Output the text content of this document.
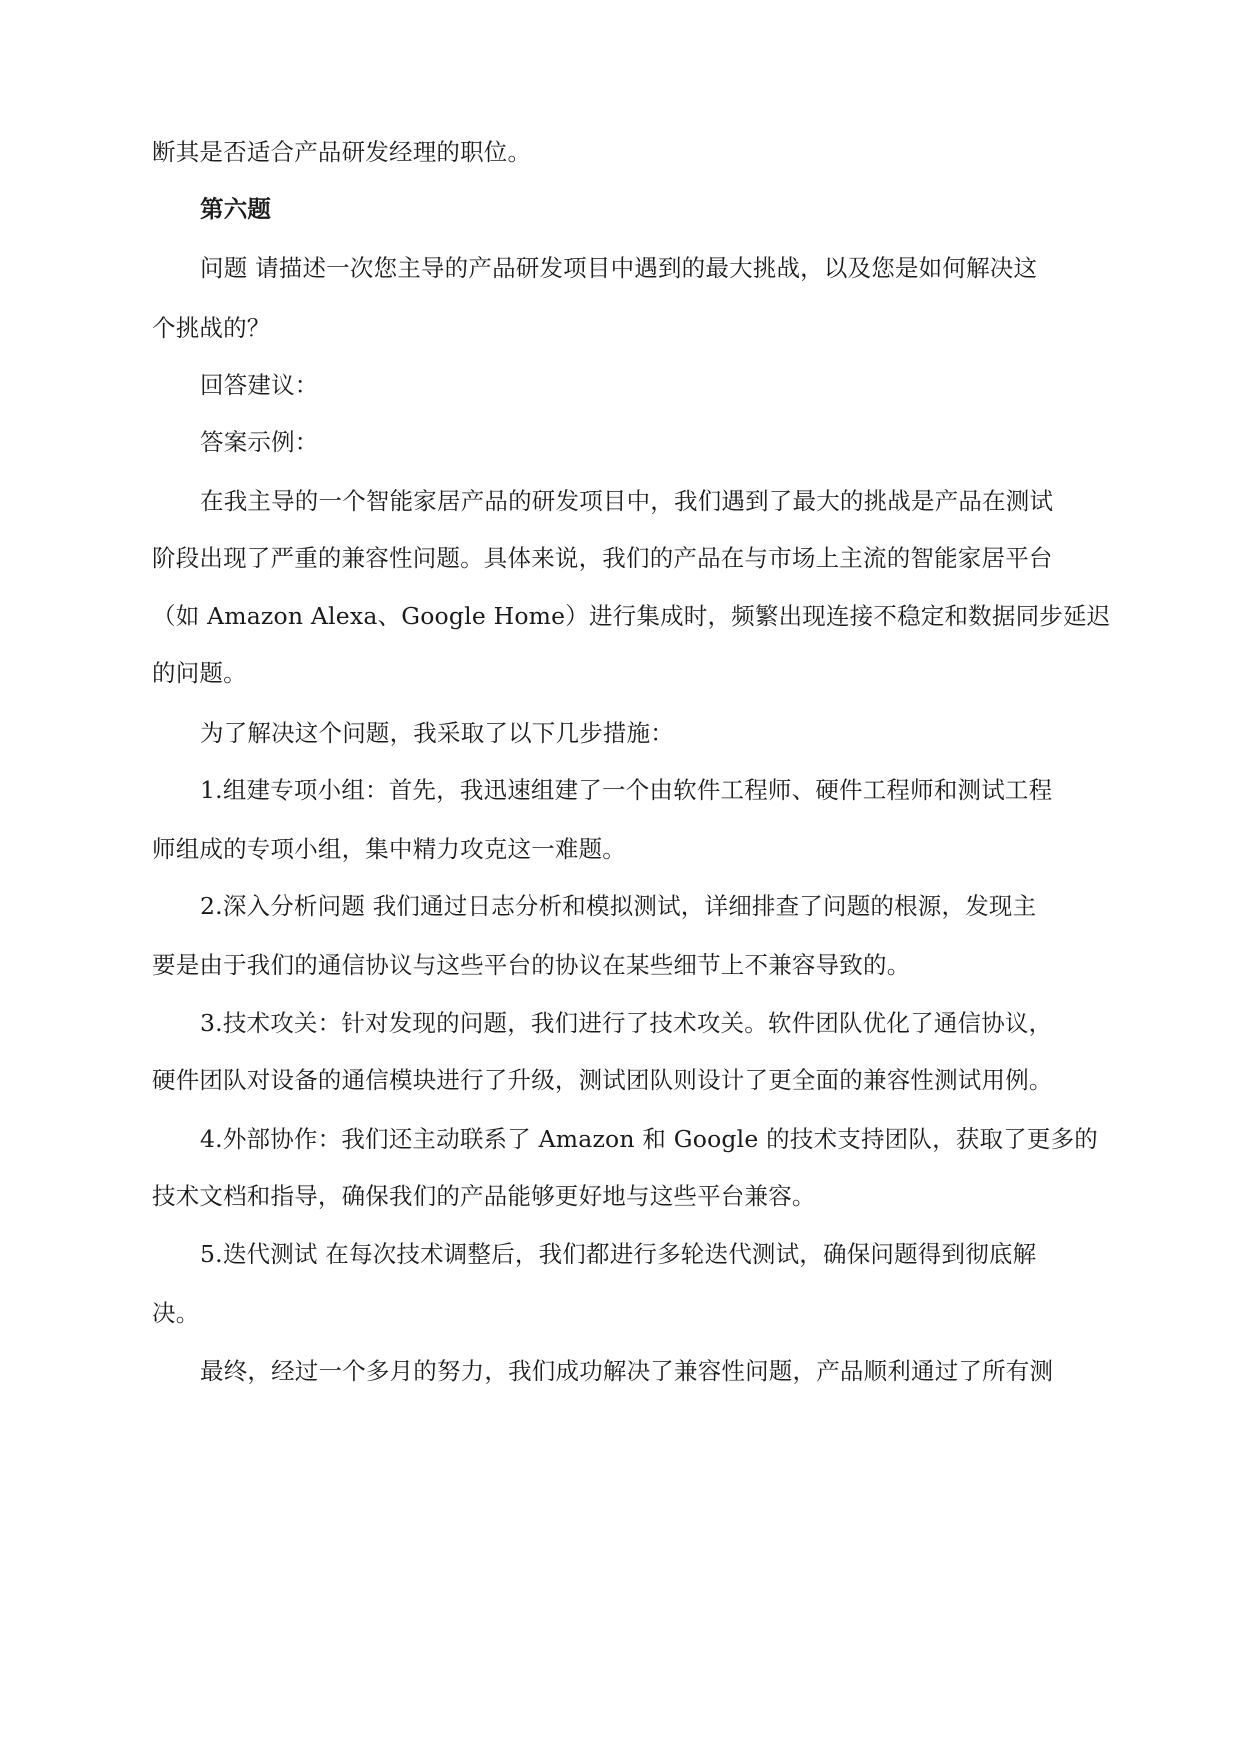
断其是否适合产品研发经理的职位。
第六题
问题 请描述一次您主导的产品研发项目中遇到的最大挑战，以及您是如何解决这
个挑战的？
回答建议：
答案示例：
在我主导的一个智能家居产品的研发项目中，我们遇到了最大的挑战是产品在测试
阶段出现了严重的兼容性问题。具体来说，我们的产品在与市场上主流的智能家居平台
（如 Amazon Alexa、Google Home）进行集成时，频繁出现连接不稳定和数据同步延迟
的问题。
为了解决这个问题，我采取了以下几步措施：
1.组建专项小组：首先，我迅速组建了一个由软件工程师、硬件工程师和测试工程
师组成的专项小组，集中精力攻克这一难题。
2.深入分析问题 我们通过日志分析和模拟测试，详细排查了问题的根源，发现主
要是由于我们的通信协议与这些平台的协议在某些细节上不兼容导致的。
3.技术攻关：针对发现的问题，我们进行了技术攻关。软件团队优化了通信协议，
硬件团队对设备的通信模块进行了升级，测试团队则设计了更全面的兼容性测试用例。
4.外部协作：我们还主动联系了 Amazon 和 Google 的技术支持团队，获取了更多的
技术文档和指导，确保我们的产品能够更好地与这些平台兼容。
5.迭代测试 在每次技术调整后，我们都进行多轮迭代测试，确保问题得到彻底解
决。
最终，经过一个多月的努力，我们成功解决了兼容性问题，产品顺利通过了所有测
